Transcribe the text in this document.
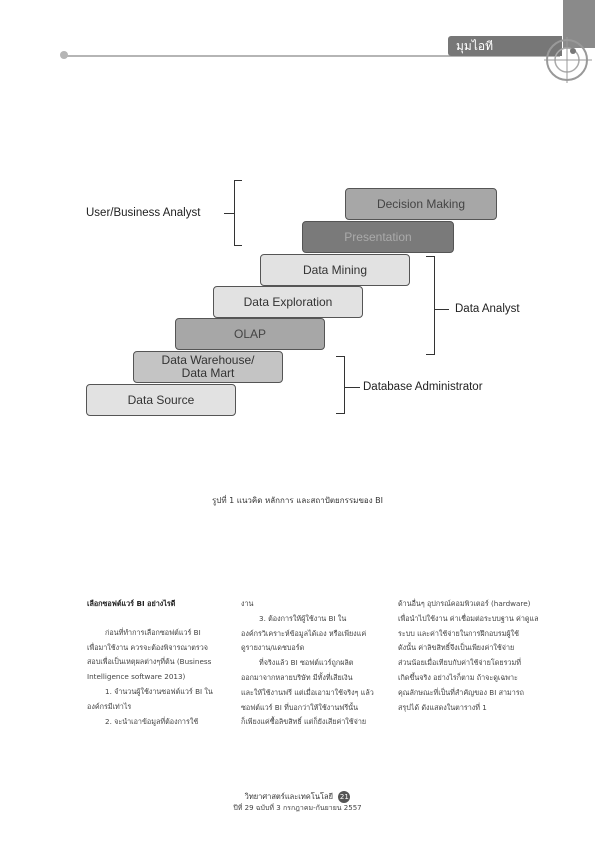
มุมไอที
Data Source
Data Warehouse/
Data Mart
OLAP
Data Exploration
Data Mining
Presentation
Decision Making
User/Business Analyst
Data Analyst
Database Administrator
รูปที่ 1 แนวคิด หลักการ และสถาปัตยกรรมของ BI

เลือกซอฟต์แวร์ BI อย่างไรดี

ก่อนที่ทำการเลือกซอฟต์แวร์ BI

เพื่อมาใช้งาน ควรจะต้องพิจารณาตรวจ

สอบเพื่อเป็นเหตุผลต่างๆที่ต้น (Business

Intelligence software 2013)

1. จำนวนผู้ใช้งานซอฟต์แวร์ BI ใน

องค์กรมีเท่าไร

2. จะนำเอาข้อมูลที่ต้องการใช้

งาน

3. ต้องการให้ผู้ใช้งาน BI ใน

องค์กรวิเคราะห์ข้อมูลได้เอง หรือเพียงแค่

ดูรายงาน/แดชบอร์ด

ที่จริงแล้ว BI ซอฟต์แวร์ถูกผลิต

ออกมาจากหลายบริษัท มีทั้งที่เสียเงิน

และให้ใช้งานฟรี แต่เมื่อเอามาใช้จริงๆ แล้ว

ซอฟต์แวร์ BI ที่บอกว่าให้ใช้งานฟรีนั้น

ก็เพียงแค่ซื้อลิขสิทธิ์ แต่ก็ยังเสียค่าใช้จ่าย

ด้านอื่นๆ อุปกรณ์คอมพิวเตอร์ (hardware)

เพื่อนำไปใช้งาน ค่าเชื่อมต่อระบบฐาน ค่าดูแล

ระบบ และค่าใช้จ่ายในการฝึกอบรมผู้ใช้

ดังนั้น ค่าลิขสิทธิ์จึงเป็นเพียงค่าใช้จ่าย

ส่วนน้อยเมื่อเทียบกับค่าใช้จ่ายโดยรวมที่

เกิดขึ้นจริง อย่างไรก็ตาม ถ้าจะดูเฉพาะ

คุณลักษณะที่เป็นที่สำคัญของ BI สามารถ

สรุปได้ ดังแสดงในตารางที่ 1

วิทยาศาสตร์และเทคโนโลยี 21
ปีที่ 29 ฉบับที่ 3 กรกฎาคม-กันยายน 2557
